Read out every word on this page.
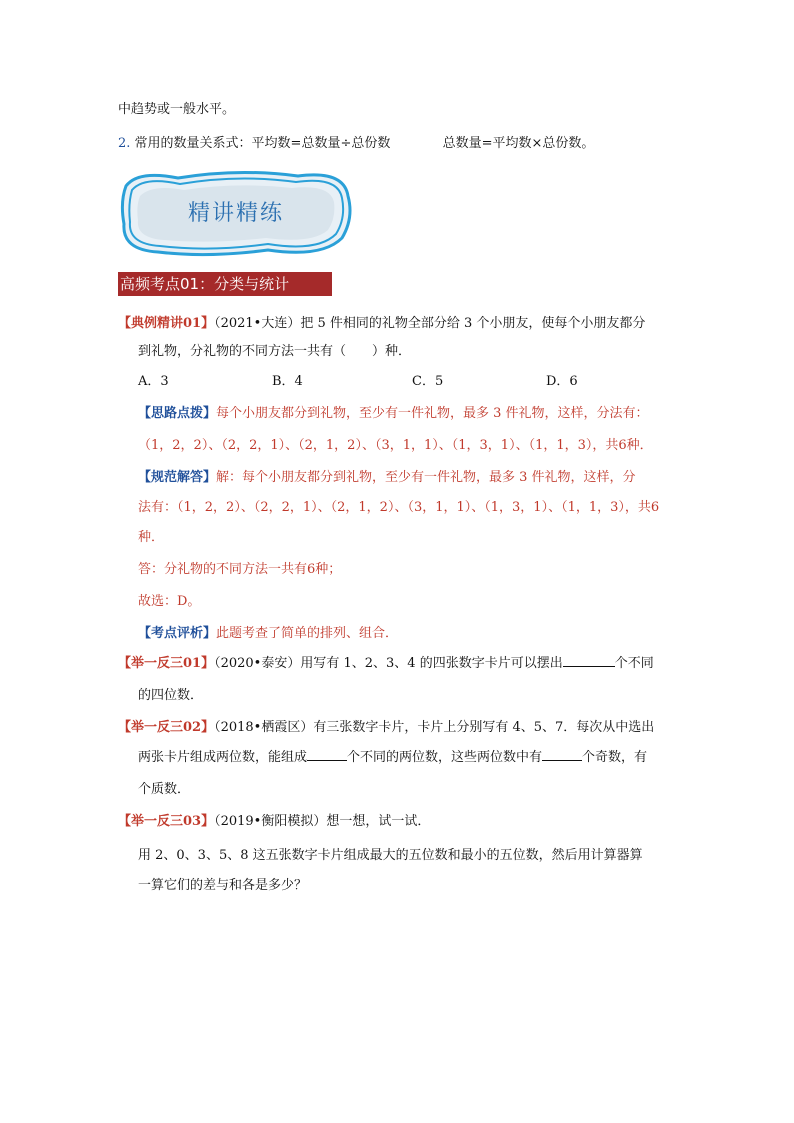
中趋势或一般水平。
2. 常用的数量关系式：平均数=总数量÷总份数	总数量=平均数×总份数。
精讲精练
高频考点01：分类与统计
【典例精讲01】（2021•大连）把 5 件相同的礼物全部分给 3 个小朋友，使每个小朋友都分
到礼物，分礼物的不同方法一共有（ ）种．
A．3	B．4	C．5	D．6
【思路点拨】每个小朋友都分到礼物，至少有一件礼物，最多 3 件礼物，这样，分法有：
（1，2，2）、（2，2，1）、（2，1，2）、（3，1，1）、（1，3，1）、（1，1，3），共6种．
【规范解答】解：每个小朋友都分到礼物，至少有一件礼物，最多 3 件礼物，这样，分
法有：（1，2，2）、（2，2，1）、（2，1，2）、（3，1，1）、（1，3，1）、（1，1，3），共6
种．
答：分礼物的不同方法一共有6种；
故选：D。
【考点评析】此题考查了简单的排列、组合．
【举一反三01】（2020•泰安）用写有 1、2、3、4 的四张数字卡片可以摆出	个不同
的四位数．
【举一反三02】（2018•栖霞区）有三张数字卡片，卡片上分别写有 4、5、7．每次从中选出
两张卡片组成两位数，能组成	个不同的两位数，这些两位数中有	个奇数，有
个质数．
【举一反三03】（2019•衡阳模拟）想一想，试一试．
用 2、0、3、5、8 这五张数字卡片组成最大的五位数和最小的五位数，然后用计算器算
一算它们的差与和各是多少？
